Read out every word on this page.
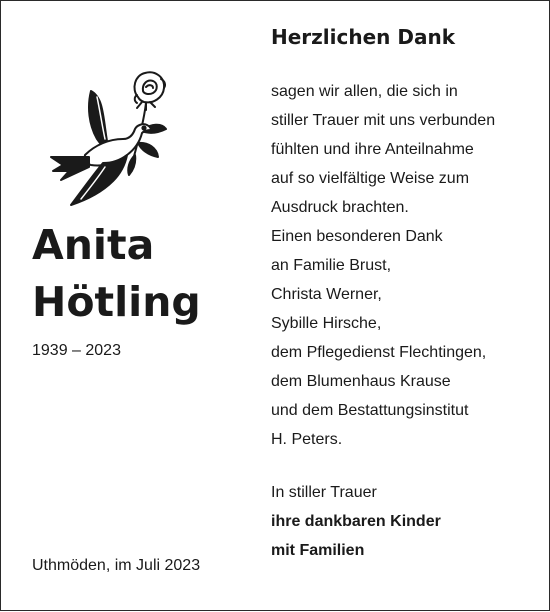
Anita
Hötling
1939 – 2023
Uthmöden, im Juli 2023
Herzlichen Dank
sagen wir allen, die sich in
stiller Trauer mit uns verbunden
fühlten und ihre Anteilnahme
auf so vielfältige Weise zum
Ausdruck brachten.
Einen besonderen Dank
an Familie Brust,
Christa Werner,
Sybille Hirsche,
dem Pflegedienst Flechtingen,
dem Blumenhaus Krause
und dem Bestattungsinstitut
H. Peters.
In stiller Trauer
ihre dankbaren Kinder
mit Familien
